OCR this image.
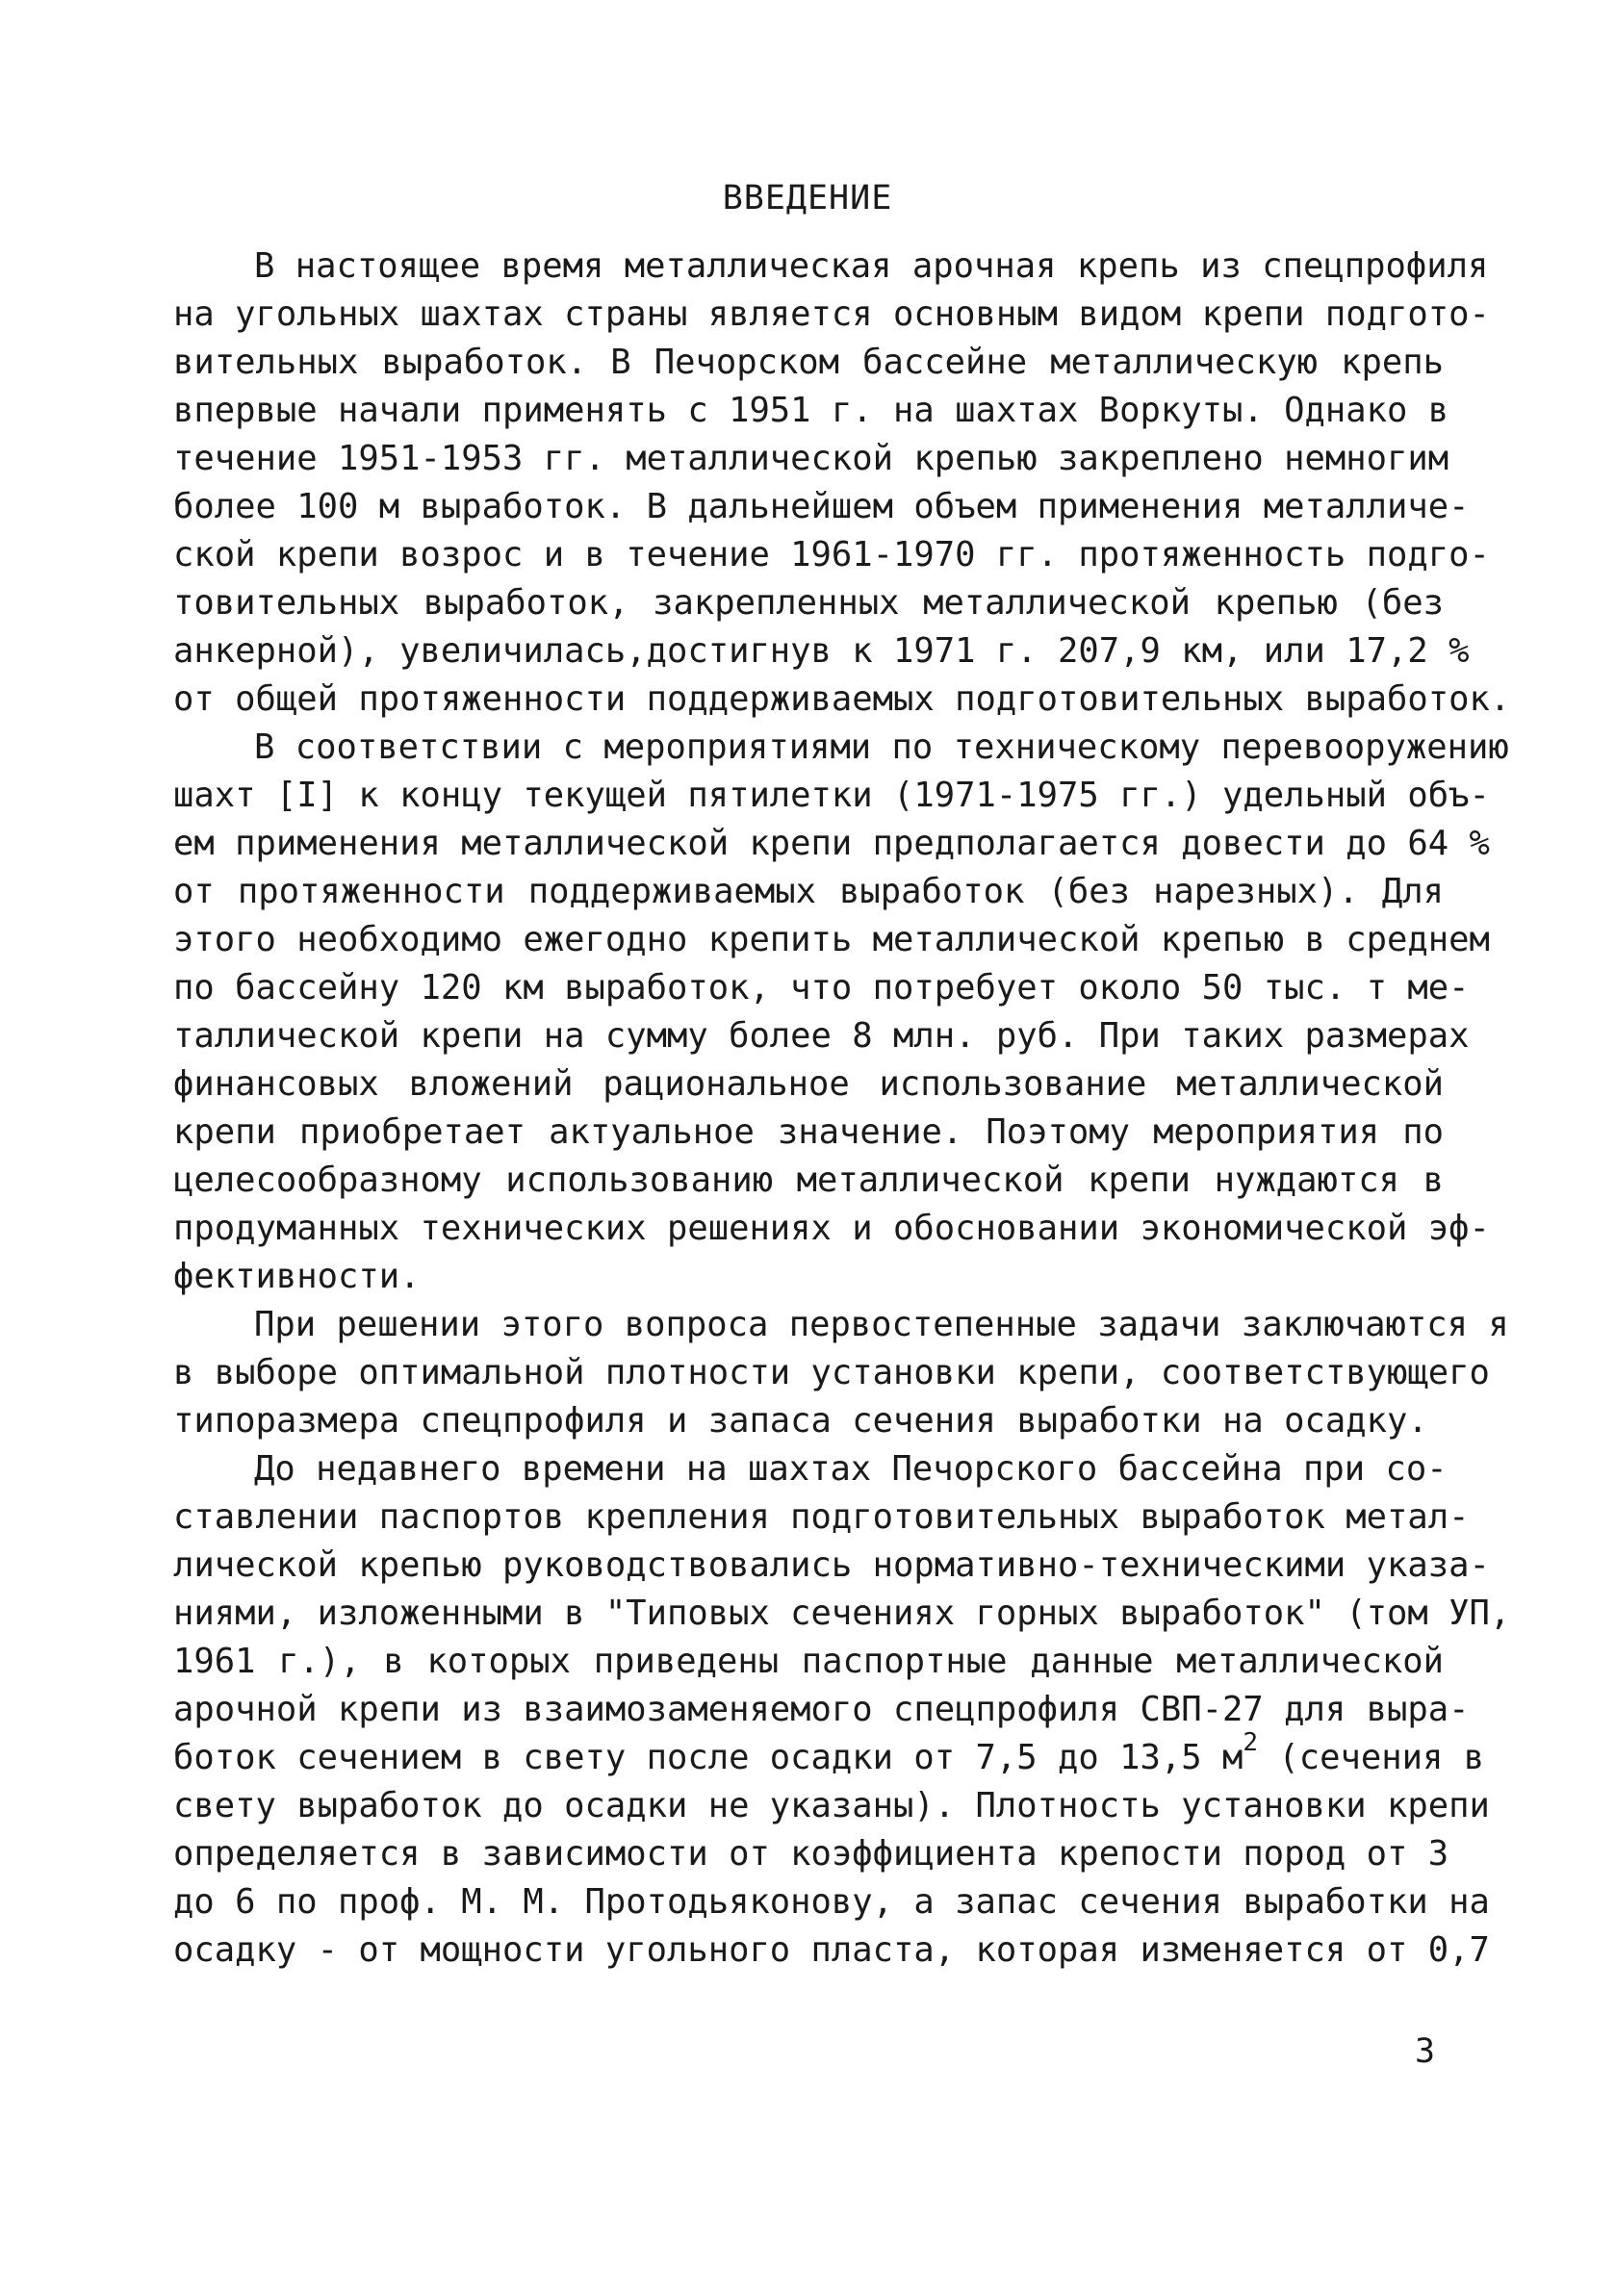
ВВЕДЕНИЕ
В настоящее время металлическая арочная крепь из спецпрофиля
на угольных шахтах страны является основным видом крепи подгото-
вительных выработок. В Печорском бассейне металлическую крепь
впервые начали применять с 1951 г. на шахтах Воркуты. Однако в
течение 1951-1953 гг. металлической крепью закреплено немногим
более 100 м выработок. В дальнейшем объем применения металличе-
ской крепи возрос и в течение 1961-1970 гг. протяженность подго-
товительных выработок, закрепленных металлической крепью (без
анкерной), увеличилась,достигнув к 1971 г. 207,9 км, или 17,2 %
от общей протяженности поддерживаемых подготовительных выработок.
В соответствии с мероприятиями по техническому перевооружению
шахт [I] к концу текущей пятилетки (1971-1975 гг.) удельный объ-
ем применения металлической крепи предполагается довести до 64 %
от протяженности поддерживаемых выработок (без нарезных). Для
этого необходимо ежегодно крепить металлической крепью в среднем
по бассейну 120 км выработок, что потребует около 50 тыс. т ме-
таллической крепи на сумму более 8 млн. руб. При таких размерах
финансовых вложений рациональное использование металлической
крепи приобретает актуальное значение. Поэтому мероприятия по
целесообразному использованию металлической крепи нуждаются в
продуманных технических решениях и обосновании экономической эф-
фективности.
При решении этого вопроса первостепенные задачи заключаются я
в выборе оптимальной плотности установки крепи, соответствующего
типоразмера спецпрофиля и запаса сечения выработки на осадку.
До недавнего времени на шахтах Печорского бассейна при со-
ставлении паспортов крепления подготовительных выработок метал-
лической крепью руководствовались нормативно-техническими указа-
ниями, изложенными в "Типовых сечениях горных выработок" (том УП,
1961 г.), в которых приведены паспортные данные металлической
арочной крепи из взаимозаменяемого спецпрофиля СВП-27 для выра-
боток сечением в свету после осадки от 7,5 до 13,5 $м^2$ (сечения в
свету выработок до осадки не указаны). Плотность установки крепи
определяется в зависимости от коэффициента крепости пород от 3
до 6 по проф. М. М. Протодьяконову, а запас сечения выработки на
осадку - от мощности угольного пласта, которая изменяется от 0,7
3
